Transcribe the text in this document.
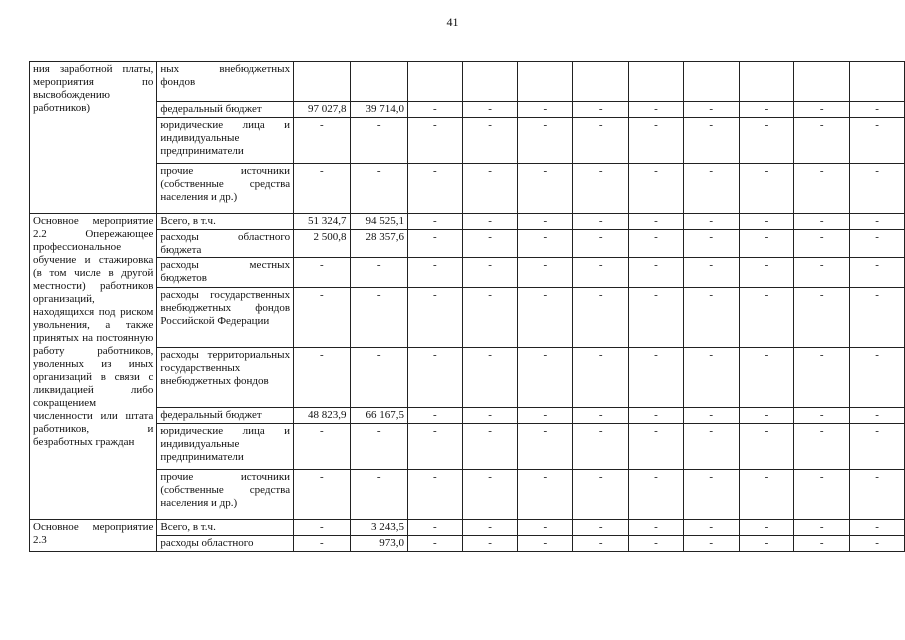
41
ния заработной платы, мероприятия по высвобождению работников)	ных внебюджетных фондов											
	федеральный бюджет	97 027,8	39 714,0	-	-	-	-	-	-	-	-	-
	юридические лица и индивидуальные предприниматели	-	-	-	-	-	-	-	-	-	-	-
	прочие источники (собственные средства населения и др.)	-	-	-	-	-	-	-	-	-	-	-
Основное мероприятие 2.2 Опережающее профессиональное обучение и стажировка (в том числе в другой местности) работников организаций, находящихся под риском увольнения, а также принятых на постоянную работу работников, уволенных из иных организаций в связи с ликвидацией либо сокращением численности или штата работников, и безработных граждан	Всего, в т.ч.	51 324,7	94 525,1	-	-	-	-	-	-	-	-	-
	расходы областного бюджета	2 500,8	28 357,6	-	-	-	-	-	-	-	-	-
	расходы местных бюджетов	-	-	-	-	-	-	-	-	-	-	-
	расходы государственных внебюджетных фондов Российской Федерации	-	-	-	-	-	-	-	-	-	-	-
	расходы территориальных государственных внебюджетных фондов	-	-	-	-	-	-	-	-	-	-	-
	федеральный бюджет	48 823,9	66 167,5	-	-	-	-	-	-	-	-	-
	юридические лица и индивидуальные предприниматели	-	-	-	-	-	-	-	-	-	-	-
	прочие источники (собственные средства населения и др.)	-	-	-	-	-	-	-	-	-	-	-
Основное мероприятие 2.3	Всего, в т.ч.	-	3 243,5	-	-	-	-	-	-	-	-	-
	расходы областного	-	973,0	-	-	-	-	-	-	-	-	-
